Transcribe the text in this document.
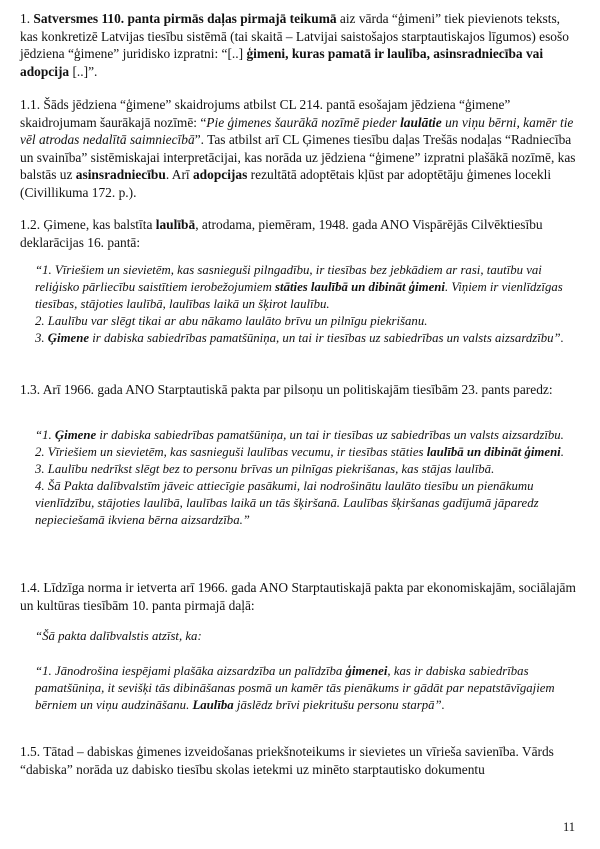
1. Satversmes 110. panta pirmās daļas pirmajā teikumā aiz vārda “ģimeni” tiek pievienots teksts, kas konkretizē Latvijas tiesību sistēmā (tai skaitā – Latvijai saistošajos starptautiskajos līgumos) esošo jēdziena “ģimene” juridisko izpratni: “[..] ģimeni, kuras pamatā ir laulība, asinsradniecība vai adopcija [..]”.

1.1. Šāds jēdziena “ģimene” skaidrojums atbilst CL 214. pantā esošajam jēdziena “ģimene” skaidrojumam šaurākajā nozīmē: “Pie ģimenes šaurākā nozīmē pieder laulātie un viņu bērni, kamēr tie vēl atrodas nedalītā saimniecībā”. Tas atbilst arī CL Ģimenes tiesību daļas Trešās nodaļas “Radniecība un svainība” sistēmiskajai interpretācijai, kas norāda uz jēdziena “ģimene” izpratni plašākā nozīmē, kas balstās uz asinsradniecību. Arī adopcijas rezultātā adoptētais kļūst par adoptētāju ģimenes locekli (Civillikuma 172. p.).

1.2. Ģimene, kas balstīta laulībā, atrodama, piemēram, 1948. gada ANO Vispārējās Cilvēktiesību deklarācijas 16. pantā:

“1. Vīriešiem un sievietēm, kas sasnieguši pilngadību, ir tiesības bez jebkādiem ar rasi, tautību vai reliģisko pārliecību saistītiem ierobežojumiem stāties laulībā un dibināt ģimeni. Viņiem ir vienlīdzīgas tiesības, stājoties laulībā, laulības laikā un šķirot laulību.
2. Laulību var slēgt tikai ar abu nākamo laulāto brīvu un pilnīgu piekrišanu.
3. Ģimene ir dabiska sabiedrības pamatšūniņa, un tai ir tiesības uz sabiedrības un valsts aizsardzību”.

1.3. Arī 1966. gada ANO Starptautiskā pakta par pilsoņu un politiskajām tiesībām 23. pants paredz:

“1. Ģimene ir dabiska sabiedrības pamatšūniņa, un tai ir tiesības uz sabiedrības un valsts aizsardzību.
2. Vīriešiem un sievietēm, kas sasnieguši laulības vecumu, ir tiesības stāties laulībā un dibināt ģimeni.
3. Laulību nedrīkst slēgt bez to personu brīvas un pilnīgas piekrišanas, kas stājas laulībā.
4. Šā Pakta dalībvalstīm jāveic attiecīgie pasākumi, lai nodrošinātu laulāto tiesību un pienākumu vienlīdzību, stājoties laulībā, laulības laikā un tās šķiršanā. Laulības šķiršanas gadījumā jāparedz nepieciešamā ikviena bērna aizsardzība.”

1.4. Līdzīga norma ir ietverta arī 1966. gada ANO Starptautiskajā pakta par ekonomiskajām, sociālajām un kultūras tiesībām 10. panta pirmajā daļā:

“Šā pakta dalībvalstis atzīst, ka:
“1. Jānodrošina iespējami plašāka aizsardzība un palīdzība ģimenei, kas ir dabiska sabiedrības pamatšūniņa, it sevišķi tās dibināšanas posmā un kamēr tās pienākums ir gādāt par nepatstāvīgajiem bērniem un viņu audzināšanu. Laulība jāslēdz brīvi piekritušu personu starpā”.

1.5. Tātad – dabiskas ģimenes izveidošanas priekšnoteikums ir sievietes un vīrieša savienība. Vārds “dabiska” norāda uz dabisko tiesību skolas ietekmi uz minēto starptautisko dokumentu

11
